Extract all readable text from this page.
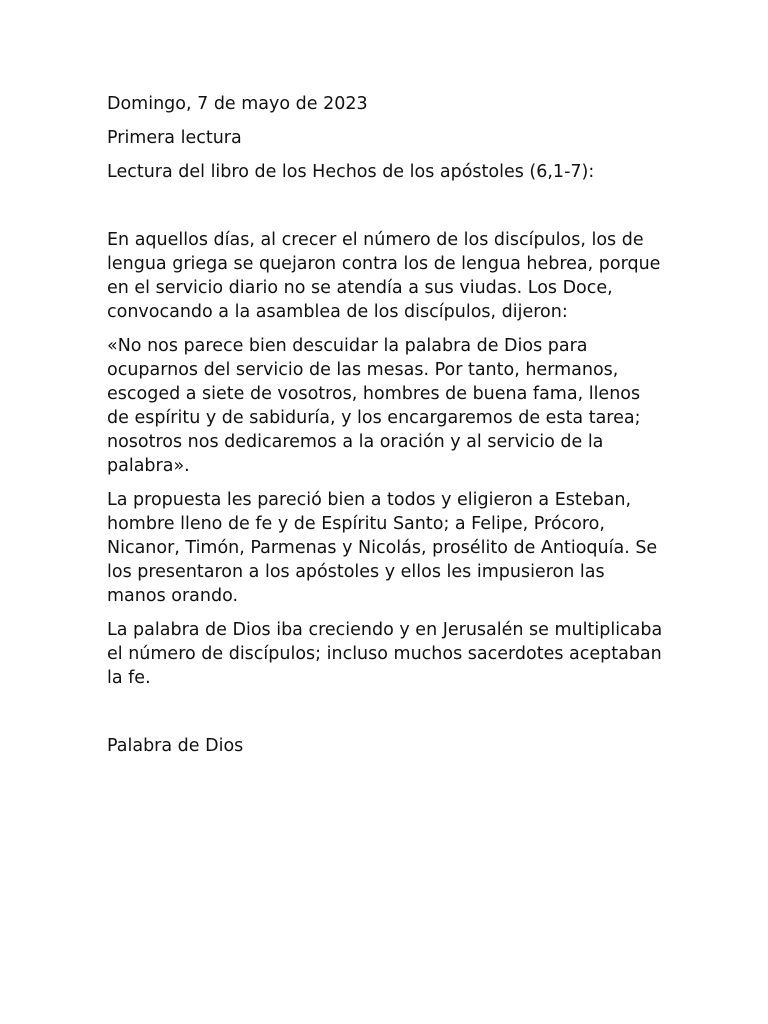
Domingo, 7 de mayo de 2023

Primera lectura

Lectura del libro de los Hechos de los apóstoles (6,1-7):

En aquellos días, al crecer el número de los discípulos, los de lengua griega se quejaron contra los de lengua hebrea, porque en el servicio diario no se atendía a sus viudas. Los Doce, convocando a la asamblea de los discípulos, dijeron:

«No nos parece bien descuidar la palabra de Dios para ocuparnos del servicio de las mesas. Por tanto, hermanos, escoged a siete de vosotros, hombres de buena fama, llenos de espíritu y de sabiduría, y los encargaremos de esta tarea; nosotros nos dedicaremos a la oración y al servicio de la palabra».

La propuesta les pareció bien a todos y eligieron a Esteban, hombre lleno de fe y de Espíritu Santo; a Felipe, Prócoro, Nicanor, Timón, Parmenas y Nicolás, prosélito de Antioquía. Se los presentaron a los apóstoles y ellos les impusieron las manos orando.

La palabra de Dios iba creciendo y en Jerusalén se multiplicaba el número de discípulos; incluso muchos sacerdotes aceptaban la fe.

Palabra de Dios
